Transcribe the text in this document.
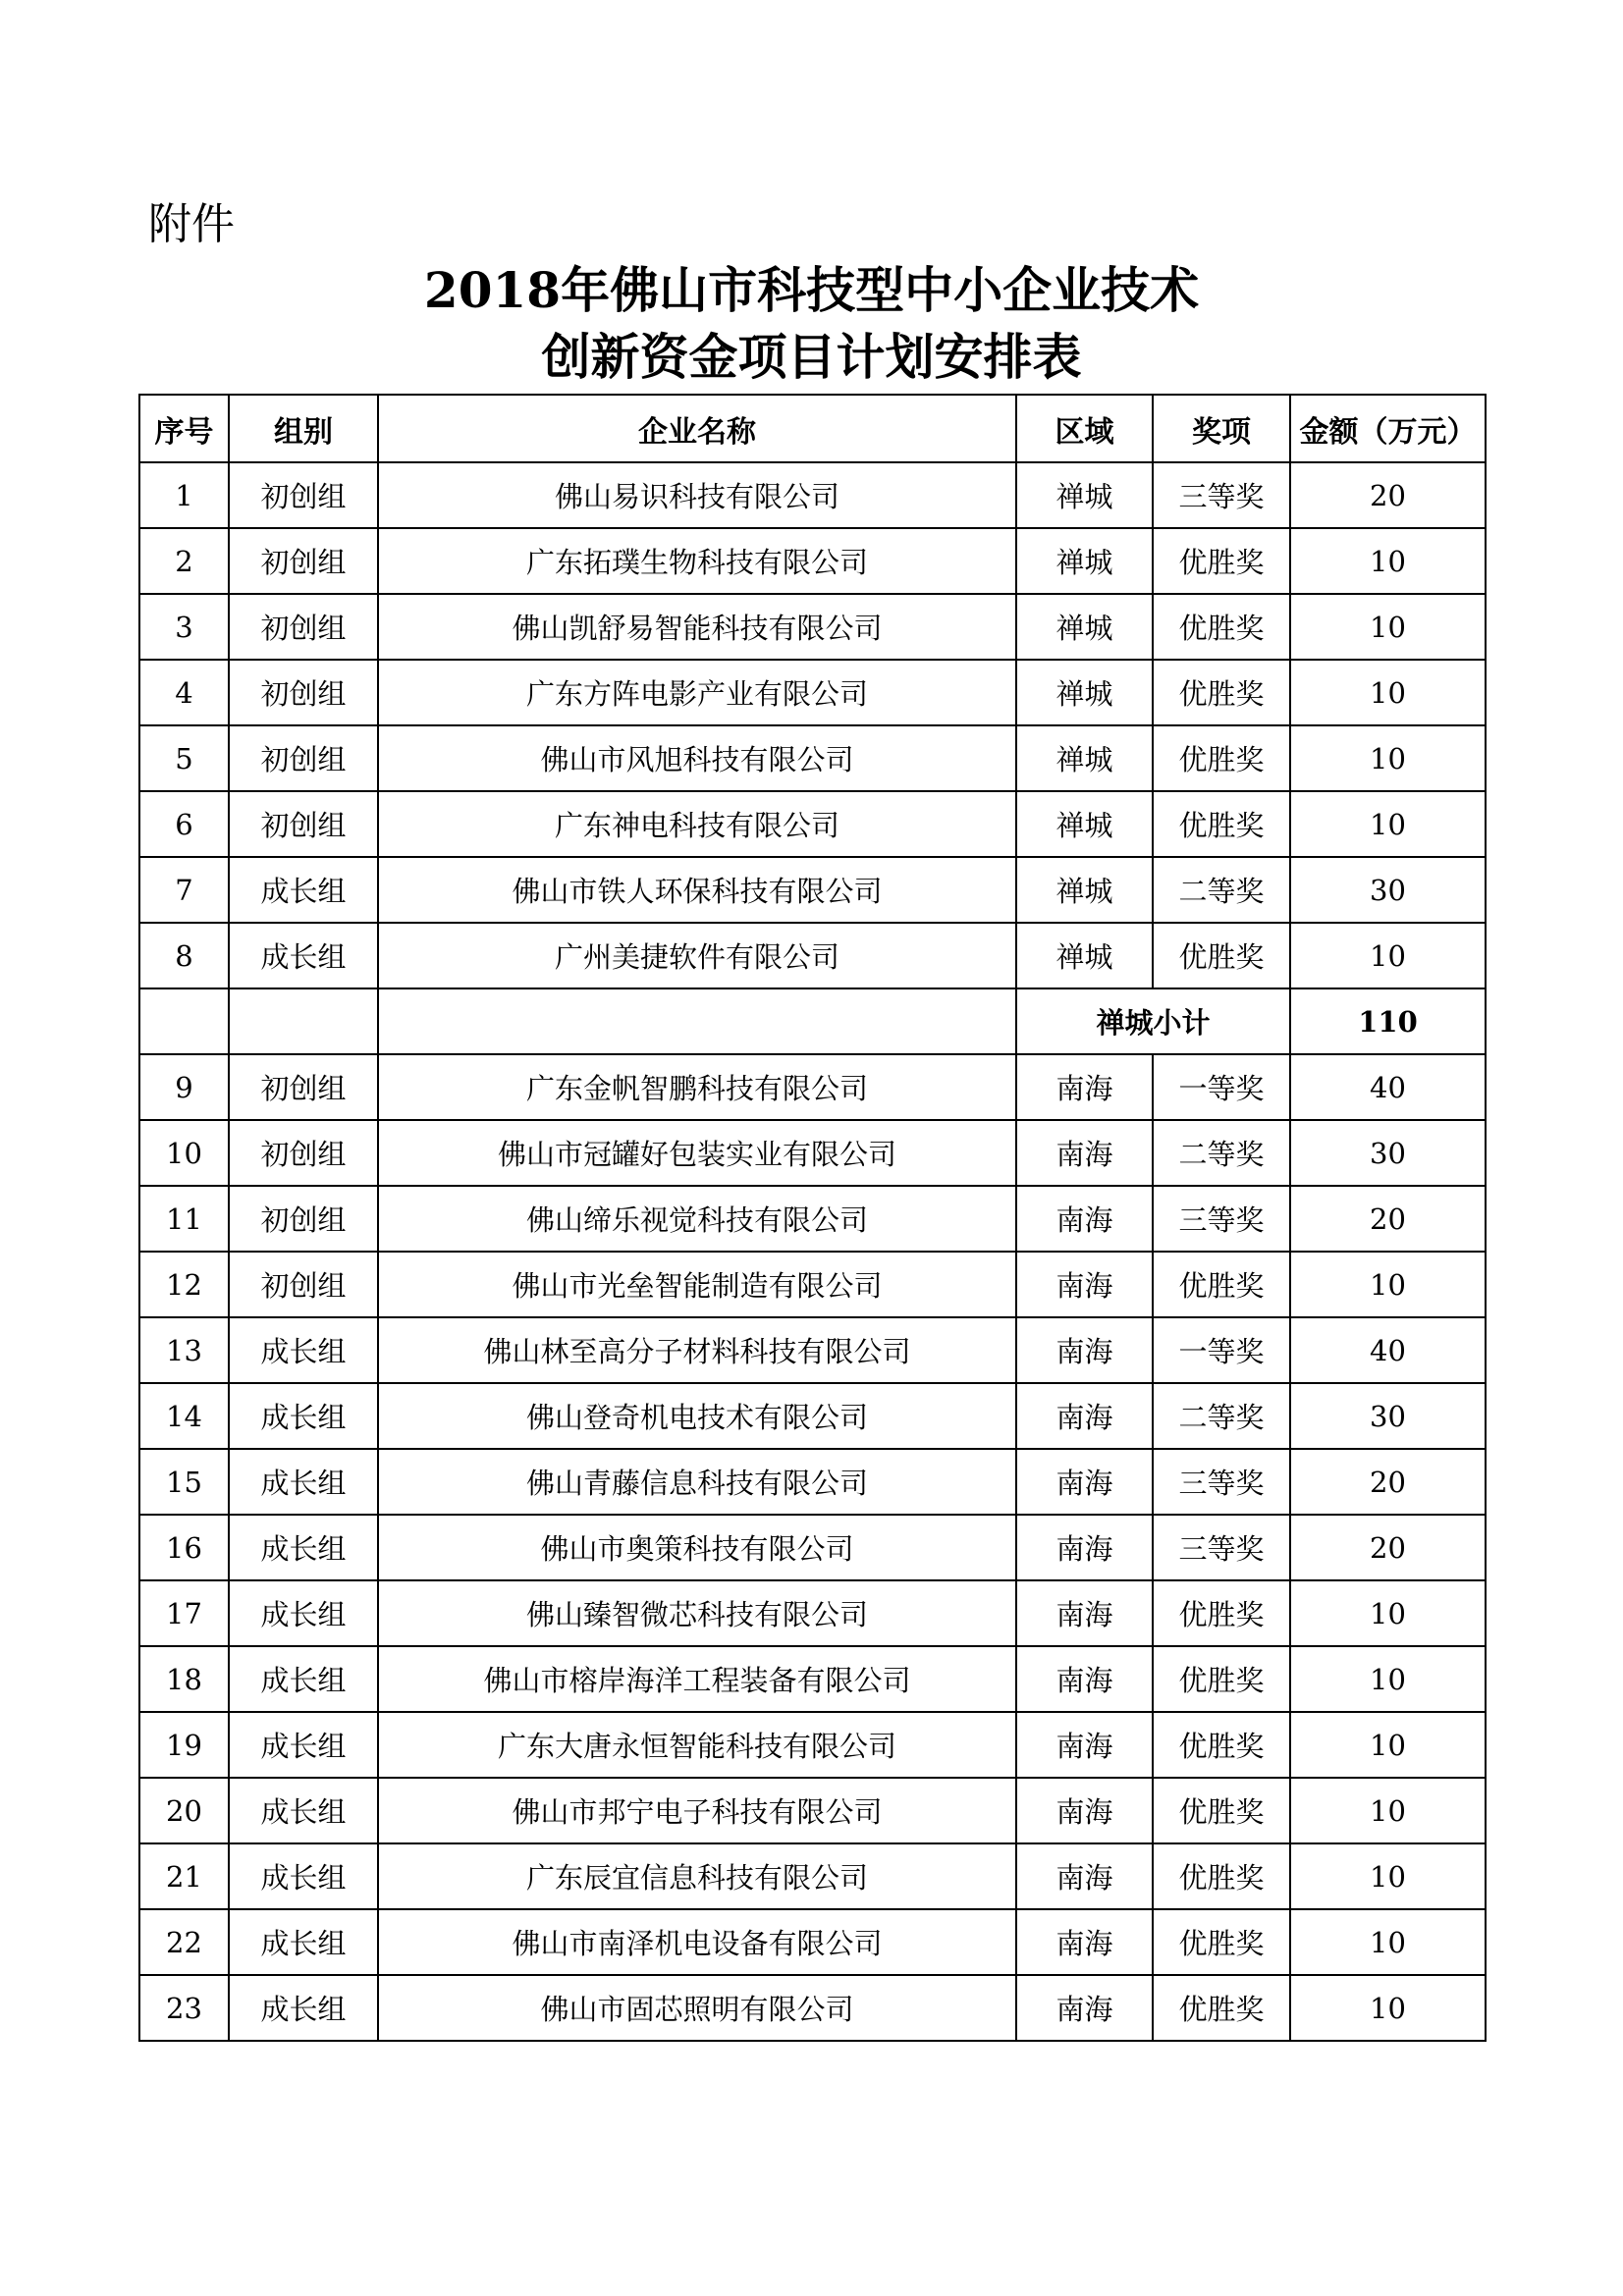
附件
2018年佛山市科技型中小企业技术
创新资金项目计划安排表
序号	组别	企业名称	区域	奖项	金额（万元）
1	初创组	佛山易识科技有限公司	禅城	三等奖	20
2	初创组	广东拓璞生物科技有限公司	禅城	优胜奖	10
3	初创组	佛山凯舒易智能科技有限公司	禅城	优胜奖	10
4	初创组	广东方阵电影产业有限公司	禅城	优胜奖	10
5	初创组	佛山市风旭科技有限公司	禅城	优胜奖	10
6	初创组	广东神电科技有限公司	禅城	优胜奖	10
7	成长组	佛山市铁人环保科技有限公司	禅城	二等奖	30
8	成长组	广州美捷软件有限公司	禅城	优胜奖	10
			禅城小计		110
9	初创组	广东金帆智鹏科技有限公司	南海	一等奖	40
10	初创组	佛山市冠罐好包装实业有限公司	南海	二等奖	30
11	初创组	佛山缔乐视觉科技有限公司	南海	三等奖	20
12	初创组	佛山市光垒智能制造有限公司	南海	优胜奖	10
13	成长组	佛山林至高分子材料科技有限公司	南海	一等奖	40
14	成长组	佛山登奇机电技术有限公司	南海	二等奖	30
15	成长组	佛山青藤信息科技有限公司	南海	三等奖	20
16	成长组	佛山市奥策科技有限公司	南海	三等奖	20
17	成长组	佛山臻智微芯科技有限公司	南海	优胜奖	10
18	成长组	佛山市榕岸海洋工程装备有限公司	南海	优胜奖	10
19	成长组	广东大唐永恒智能科技有限公司	南海	优胜奖	10
20	成长组	佛山市邦宁电子科技有限公司	南海	优胜奖	10
21	成长组	广东辰宜信息科技有限公司	南海	优胜奖	10
22	成长组	佛山市南泽机电设备有限公司	南海	优胜奖	10
23	成长组	佛山市固芯照明有限公司	南海	优胜奖	10
